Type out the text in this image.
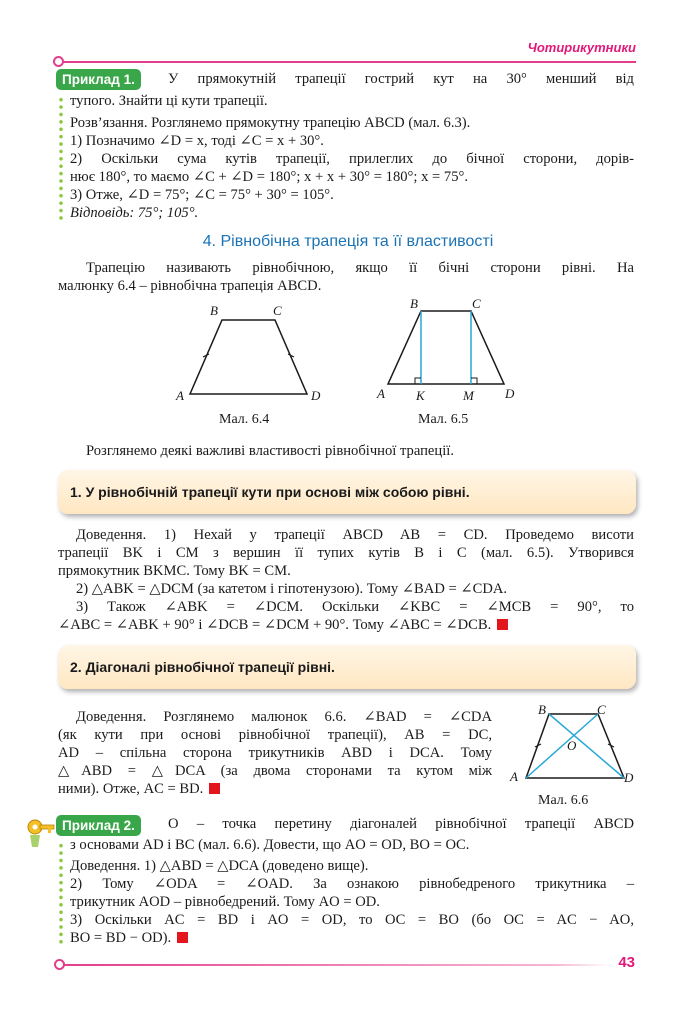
Чотирикутники
Приклад 1.	У прямокутній трапеції гострий кут на 30° менший від
тупого. Знайти ці кути трапеції.
Розв’язання. Розглянемо прямокутну трапецію ABCD (мал. 6.3).
1) Позначимо ∠D = x, тоді ∠C = x + 30°.
2) Оскільки сума кутів трапеції, прилеглих до бічної сторони, дорів-
нює 180°, то маємо ∠C + ∠D = 180°; x + x + 30° = 180°; x = 75°.
3) Отже, ∠D = 75°; ∠C = 75° + 30° = 105°.
Відповідь: 75°; 105°.
4. Рівнобічна трапеція та її властивості
Трапецію називають рівнобічною, якщо її бічні сторони рівні. На
малюнку 6.4 – рівнобічна трапеція ABCD.
B	C
A	D
B	C
A K	M D
Мал. 6.4	Мал. 6.5
Розглянемо деякі важливі властивості рівнобічної трапеції.
1. У рівнобічній трапеції кути при основі між собою рівні.
Доведення. 1) Нехай у трапеції ABCD AB = CD. Проведемо висоти
трапеції BK і CM з вершин її тупих кутів B і C (мал. 6.5). Утворився
прямокутник BKMC. Тому BK = CM.
2) △ABK = △DCM (за катетом і гіпотенузою). Тому ∠BAD = ∠CDA.
3) Також ∠ABK = ∠DCM. Оскільки ∠KBC = ∠MCB = 90°, то
∠ABC = ∠ABK + 90° і ∠DCB = ∠DCM + 90°. Тому ∠ABC = ∠DCB.
2. Діагоналі рівнобічної трапеції рівні.
Доведення. Розглянемо малюнок 6.6. ∠BAD = ∠CDA
(як кути при основі рівнобічної трапеції), AB = DC,
AD – спільна сторона трикутників ABD і DCA. Тому
△ABD = △DCA (за двома сторонами та кутом між
ними). Отже, AC = BD.
B	C
O
A	D
Мал. 6.6
Приклад 2.	O – точка перетину діагоналей рівнобічної трапеції ABCD
з основами AD і BC (мал. 6.6). Довести, що AO = OD, BO = OC.
Доведення. 1) △ABD = △DCA (доведено вище).
2) Тому ∠ODA = ∠OAD. За ознакою рівнобедреного трикутника –
трикутник AOD – рівнобедрений. Тому AO = OD.
3) Оскільки AC = BD і AO = OD, то OC = BO (бо OC = AC − AO,
BO = BD − OD).
43
